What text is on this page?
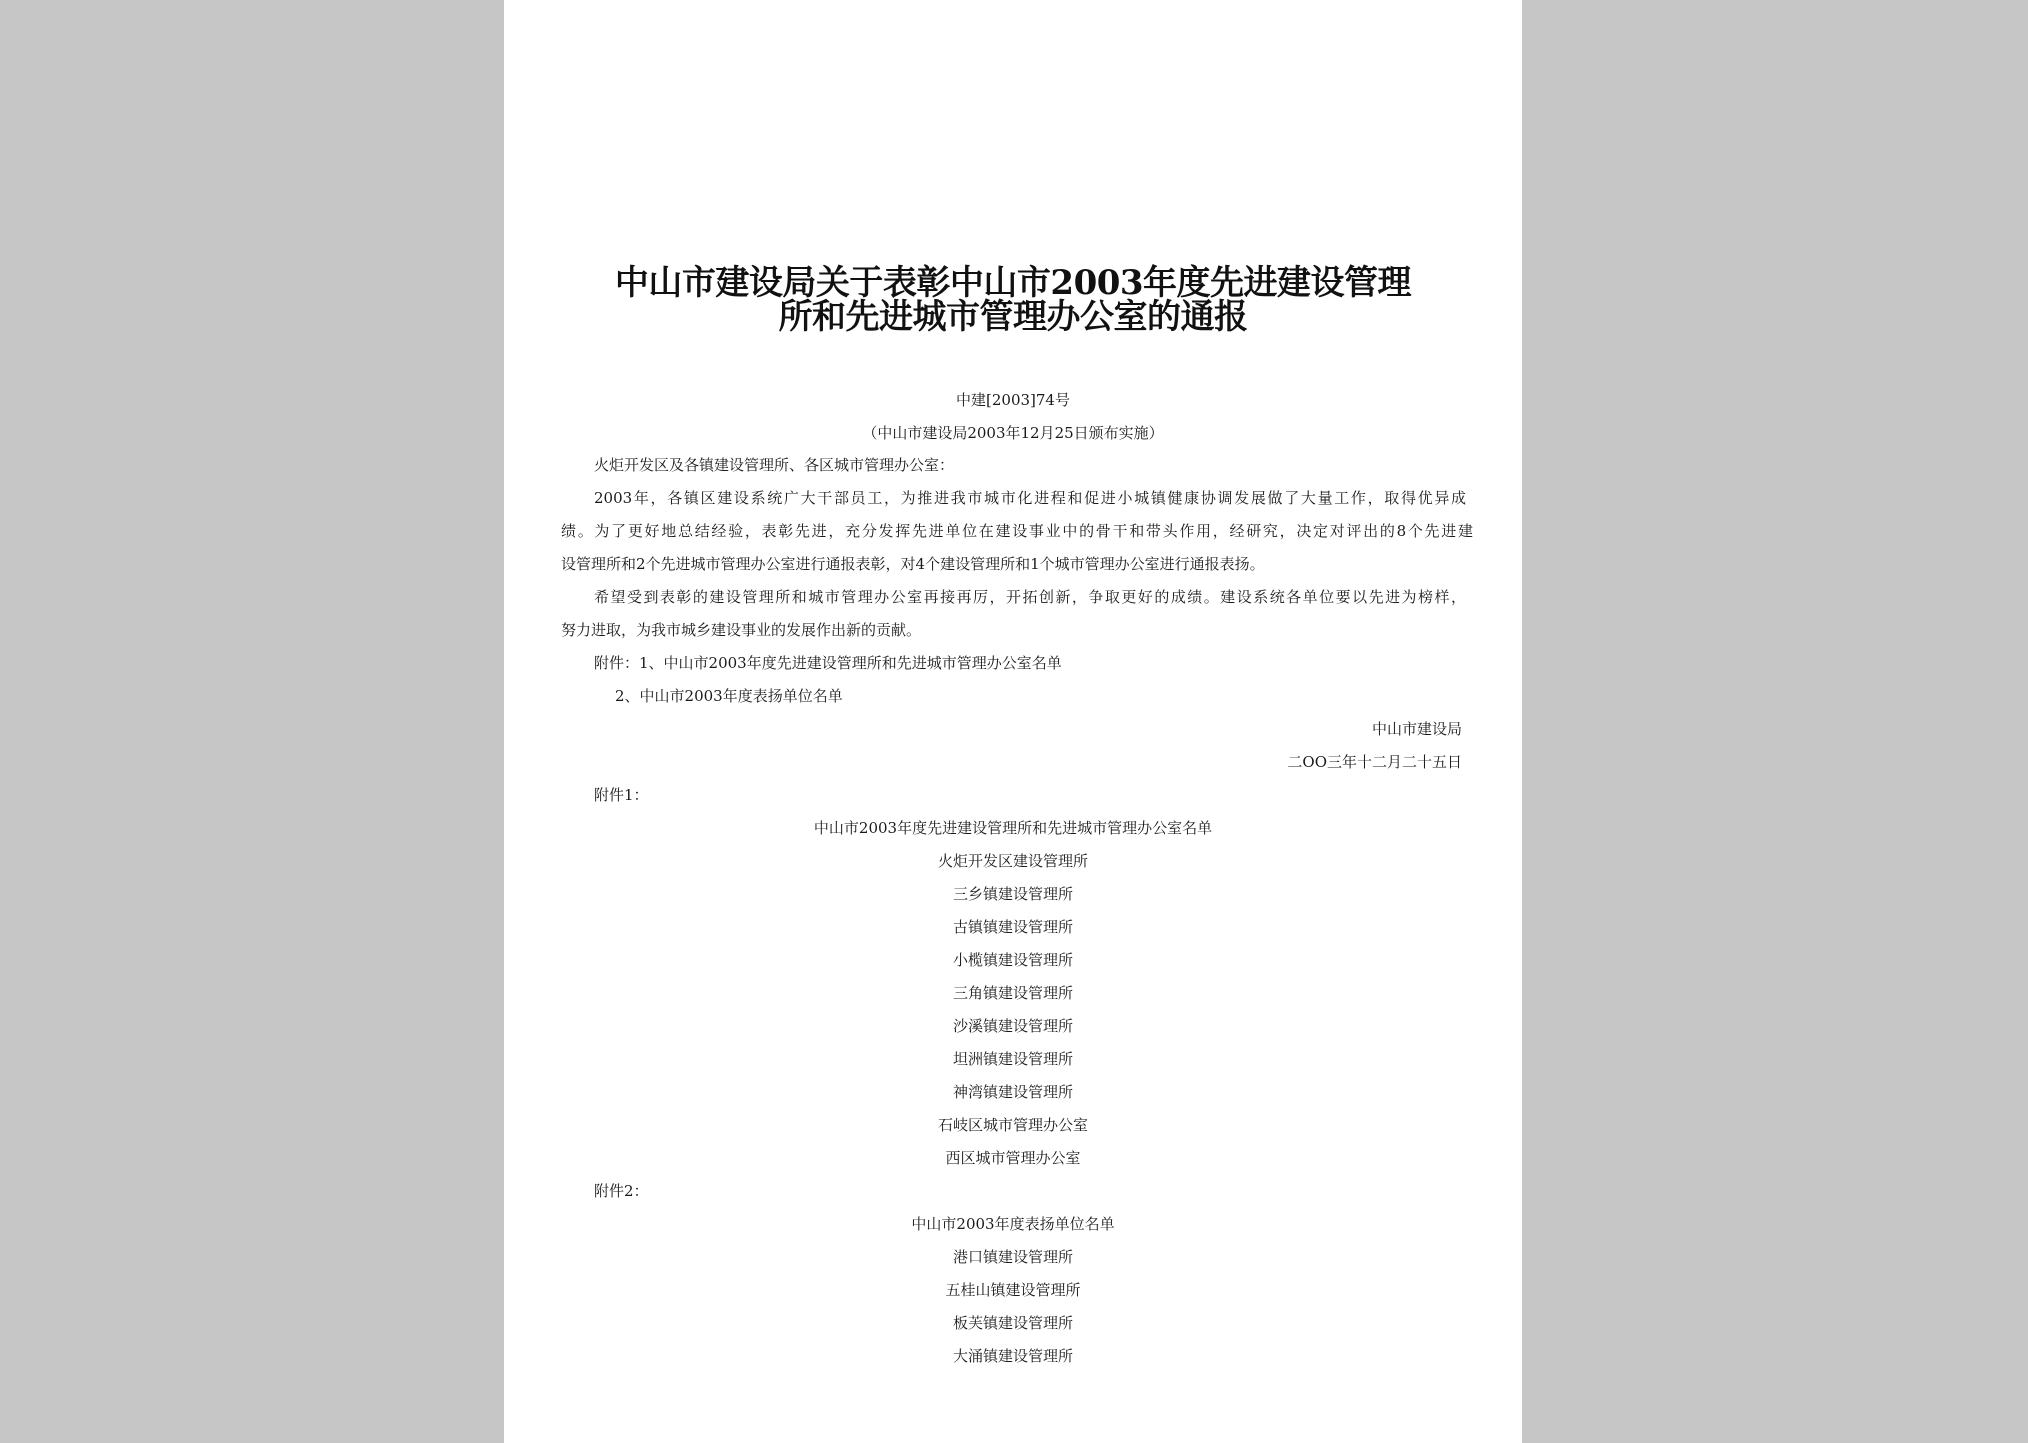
中山市建设局关于表彰中山市2003年度先进建设管理
所和先进城市管理办公室的通报
中建[2003]74号
（中山市建设局2003年12月25日颁布实施）
火炬开发区及各镇建设管理所、各区城市管理办公室：
2003年，各镇区建设系统广大干部员工，为推进我市城市化进程和促进小城镇健康协调发展做了大量工作，取得优异成
绩。为了更好地总结经验，表彰先进，充分发挥先进单位在建设事业中的骨干和带头作用，经研究，决定对评出的8个先进建
设管理所和2个先进城市管理办公室进行通报表彰，对4个建设管理所和1个城市管理办公室进行通报表扬。
希望受到表彰的建设管理所和城市管理办公室再接再厉，开拓创新，争取更好的成绩。建设系统各单位要以先进为榜样，
努力进取，为我市城乡建设事业的发展作出新的贡献。
附件：1、中山市2003年度先进建设管理所和先进城市管理办公室名单
2、中山市2003年度表扬单位名单
中山市建设局
二OO三年十二月二十五日
附件1：
中山市2003年度先进建设管理所和先进城市管理办公室名单
火炬开发区建设管理所
三乡镇建设管理所
古镇镇建设管理所
小榄镇建设管理所
三角镇建设管理所
沙溪镇建设管理所
坦洲镇建设管理所
神湾镇建设管理所
石岐区城市管理办公室
西区城市管理办公室
附件2：
中山市2003年度表扬单位名单
港口镇建设管理所
五桂山镇建设管理所
板芙镇建设管理所
大涌镇建设管理所
